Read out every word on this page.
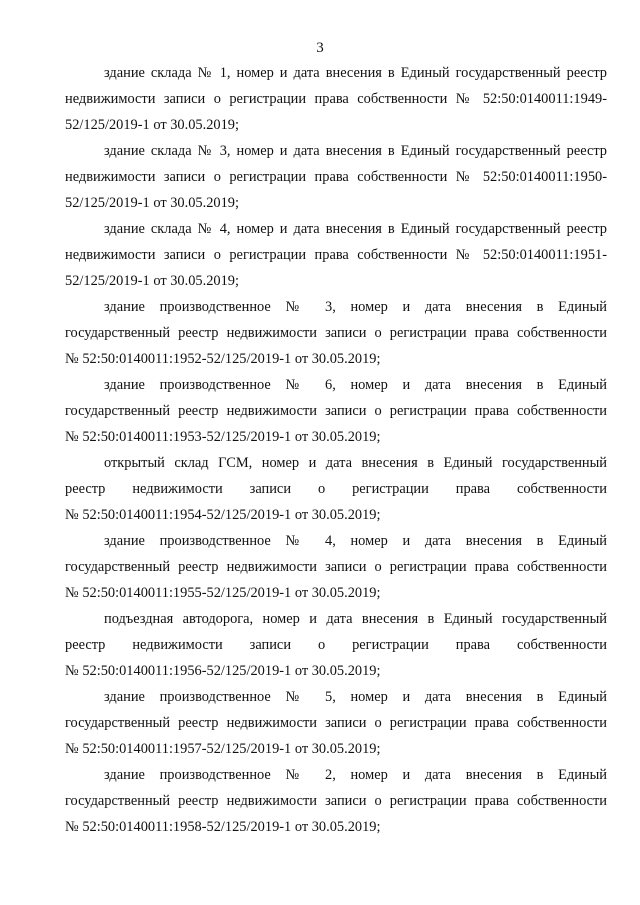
3
здание склада № 1, номер и дата внесения в Единый государственный реестр
недвижимости записи о регистрации права собственности № 52:50:0140011:1949-
52/125/2019-1 от 30.05.2019;
здание склада № 3, номер и дата внесения в Единый государственный реестр
недвижимости записи о регистрации права собственности № 52:50:0140011:1950-
52/125/2019-1 от 30.05.2019;
здание склада № 4, номер и дата внесения в Единый государственный реестр
недвижимости записи о регистрации права собственности № 52:50:0140011:1951-
52/125/2019-1 от 30.05.2019;
здание производственное № 3, номер и дата внесения в Единый
государственный реестр недвижимости записи о регистрации права собственности
№ 52:50:0140011:1952-52/125/2019-1 от 30.05.2019;
здание производственное № 6, номер и дата внесения в Единый
государственный реестр недвижимости записи о регистрации права собственности
№ 52:50:0140011:1953-52/125/2019-1 от 30.05.2019;
открытый склад ГСМ, номер и дата внесения в Единый государственный
реестр недвижимости записи о регистрации права собственности
№ 52:50:0140011:1954-52/125/2019-1 от 30.05.2019;
здание производственное № 4, номер и дата внесения в Единый
государственный реестр недвижимости записи о регистрации права собственности
№ 52:50:0140011:1955-52/125/2019-1 от 30.05.2019;
подъездная автодорога, номер и дата внесения в Единый государственный
реестр недвижимости записи о регистрации права собственности
№ 52:50:0140011:1956-52/125/2019-1 от 30.05.2019;
здание производственное № 5, номер и дата внесения в Единый
государственный реестр недвижимости записи о регистрации права собственности
№ 52:50:0140011:1957-52/125/2019-1 от 30.05.2019;
здание производственное № 2, номер и дата внесения в Единый
государственный реестр недвижимости записи о регистрации права собственности
№ 52:50:0140011:1958-52/125/2019-1 от 30.05.2019;
